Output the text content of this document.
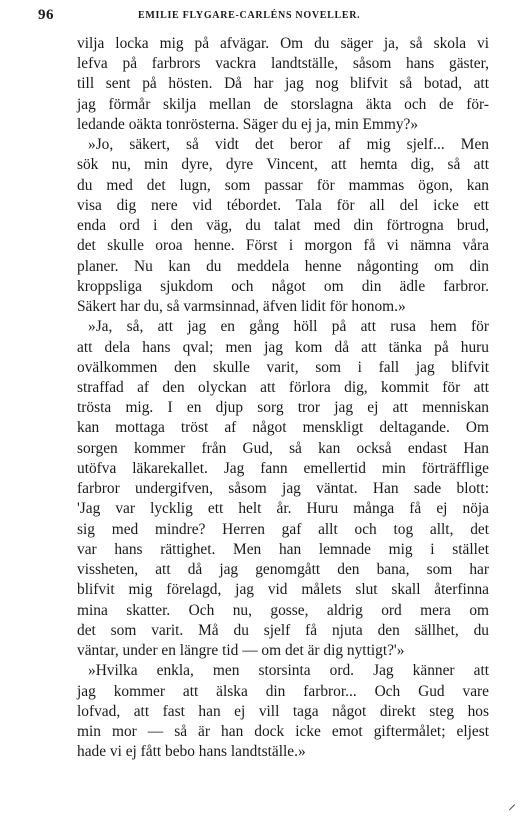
96	EMILIE FLYGARE-CARLÉNS NOVELLER.
vilja locka mig på afvägar. Om du säger ja, så skola vi
lefva på farbrors vackra landtställe, såsom hans gäster,
till sent på hösten. Då har jag nog blifvit så botad, att
jag förmår skilja mellan de storslagna äkta och de för-
ledande oäkta tonrösterna. Säger du ej ja, min Emmy?»
»Jo, säkert, så vidt det beror af mig sjelf... Men
sök nu, min dyre, dyre Vincent, att hemta dig, så att
du med det lugn, som passar för mammas ögon, kan
visa dig nere vid tébordet. Tala för all del icke ett
enda ord i den väg, du talat med din förtrogna brud,
det skulle oroa henne. Först i morgon få vi nämna våra
planer. Nu kan du meddela henne någonting om din
kroppsliga sjukdom och något om din ädle farbror.
Säkert har du, så varmsinnad, äfven lidit för honom.»
»Ja, så, att jag en gång höll på att rusa hem för
att dela hans qval; men jag kom då att tänka på huru
ovälkommen den skulle varit, som i fall jag blifvit
straffad af den olyckan att förlora dig, kommit för att
trösta mig. I en djup sorg tror jag ej att menniskan
kan mottaga tröst af något menskligt deltagande. Om
sorgen kommer från Gud, så kan också endast Han
utöfva läkarekallet. Jag fann emellertid min förträfflige
farbror undergifven, såsom jag väntat. Han sade blott:
'Jag var lycklig ett helt år. Huru många få ej nöja
sig med mindre? Herren gaf allt och tog allt, det
var hans rättighet. Men han lemnade mig i stället
vissheten, att då jag genomgått den bana, som har
blifvit mig förelagd, jag vid målets slut skall återfinna
mina skatter. Och nu, gosse, aldrig ord mera om
det som varit. Må du sjelf få njuta den sällhet, du
väntar, under en längre tid — om det är dig nyttigt?'»
»Hvilka enkla, men storsinta ord. Jag känner att
jag kommer att älska din farbror... Och Gud vare
lofvad, att fast han ej vill taga något direkt steg hos
min mor — så är han dock icke emot giftermålet; eljest
hade vi ej fått bebo hans landtställe.»
⸝
